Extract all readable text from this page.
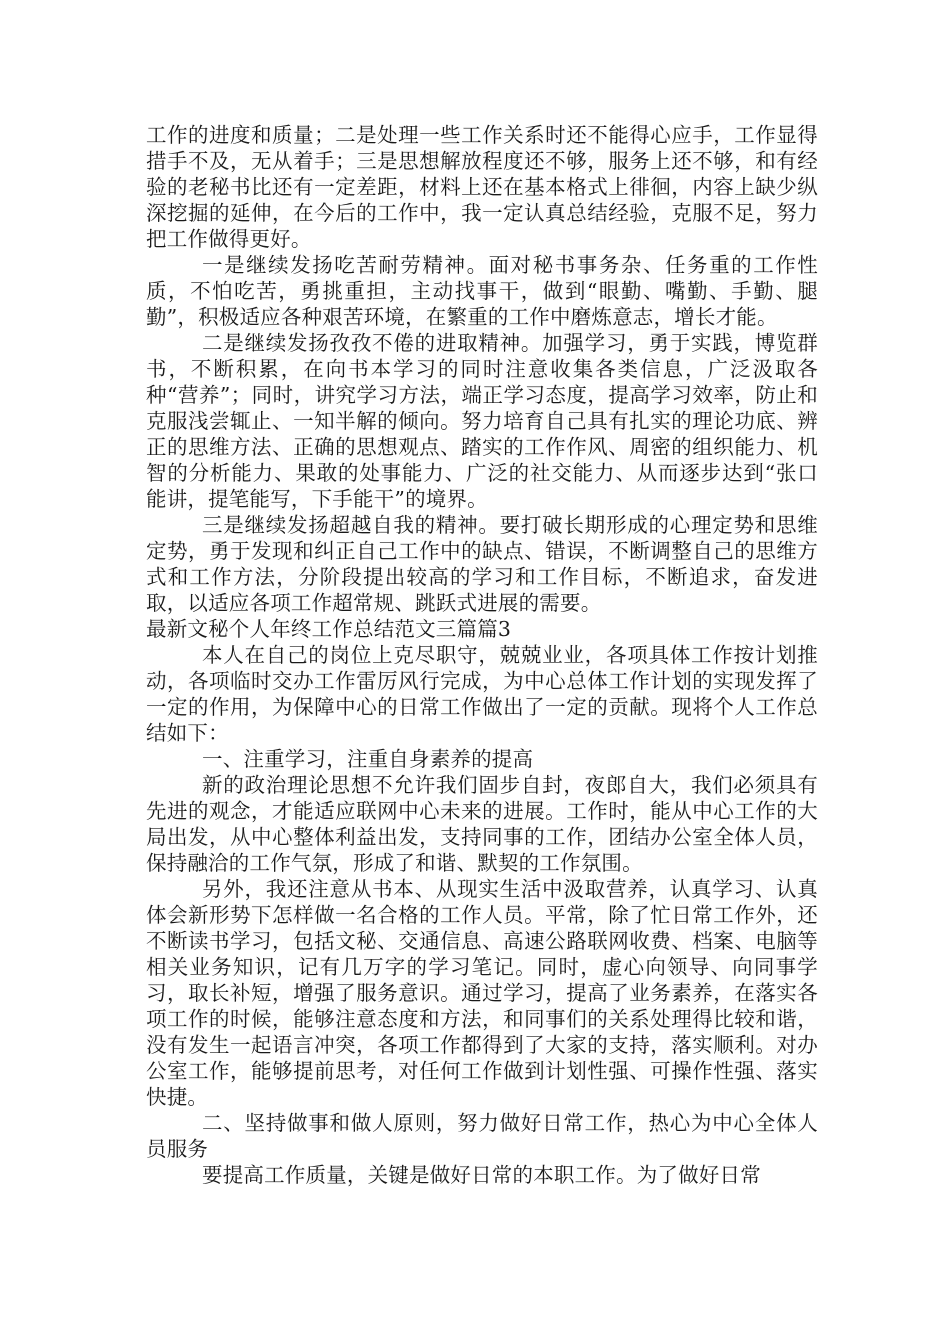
工作的进度和质量；二是处理一些工作关系时还不能得心应手，工作显得措手不及，无从着手；三是思想解放程度还不够，服务上还不够，和有经验的老秘书比还有一定差距，材料上还在基本格式上徘徊，内容上缺少纵深挖掘的延伸，在今后的工作中，我一定认真总结经验，克服不足，努力把工作做得更好。

一是继续发扬吃苦耐劳精神。面对秘书事务杂、任务重的工作性质，不怕吃苦，勇挑重担，主动找事干，做到“眼勤、嘴勤、手勤、腿勤”，积极适应各种艰苦环境，在繁重的工作中磨炼意志，增长才能。

二是继续发扬孜孜不倦的进取精神。加强学习，勇于实践，博览群书，不断积累，在向书本学习的同时注意收集各类信息，广泛汲取各种“营养”；同时，讲究学习方法，端正学习态度，提高学习效率，防止和克服浅尝辄止、一知半解的倾向。努力培育自己具有扎实的理论功底、辨正的思维方法、正确的思想观点、踏实的工作作风、周密的组织能力、机智的分析能力、果敢的处事能力、广泛的社交能力、从而逐步达到“张口能讲，提笔能写，下手能干”的境界。

三是继续发扬超越自我的精神。要打破长期形成的心理定势和思维定势，勇于发现和纠正自己工作中的缺点、错误，不断调整自己的思维方式和工作方法，分阶段提出较高的学习和工作目标，不断追求，奋发进取，以适应各项工作超常规、跳跃式进展的需要。

最新文秘个人年终工作总结范文三篇篇3

本人在自己的岗位上克尽职守，兢兢业业，各项具体工作按计划推动，各项临时交办工作雷厉风行完成，为中心总体工作计划的实现发挥了一定的作用，为保障中心的日常工作做出了一定的贡献。现将个人工作总结如下：

一、注重学习，注重自身素养的提高

新的政治理论思想不允许我们固步自封，夜郎自大，我们必须具有先进的观念，才能适应联网中心未来的进展。工作时，能从中心工作的大局出发，从中心整体利益出发，支持同事的工作，团结办公室全体人员，保持融洽的工作气氛，形成了和谐、默契的工作氛围。

另外，我还注意从书本、从现实生活中汲取营养，认真学习、认真体会新形势下怎样做一名合格的工作人员。平常，除了忙日常工作外，还不断读书学习，包括文秘、交通信息、高速公路联网收费、档案、电脑等相关业务知识，记有几万字的学习笔记。同时，虚心向领导、向同事学习，取长补短，增强了服务意识。通过学习，提高了业务素养，在落实各项工作的时候，能够注意态度和方法，和同事们的关系处理得比较和谐，没有发生一起语言冲突，各项工作都得到了大家的支持，落实顺利。对办公室工作，能够提前思考，对任何工作做到计划性强、可操作性强、落实快捷。

二、坚持做事和做人原则，努力做好日常工作，热心为中心全体人员服务

要提高工作质量，关键是做好日常的本职工作。为了做好日常
